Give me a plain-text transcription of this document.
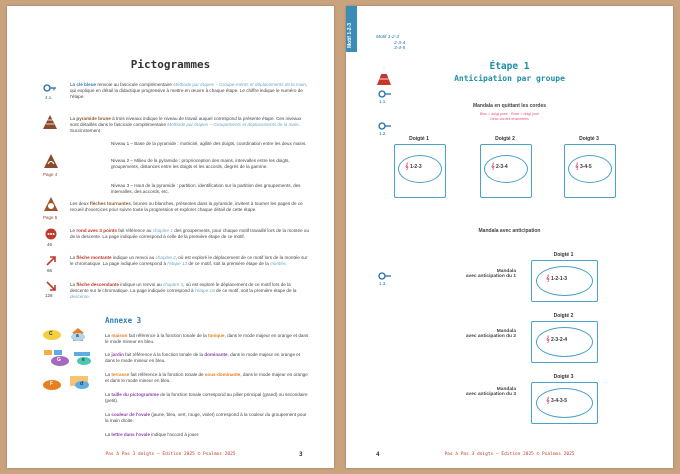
Pictogrammes
4.1.
La clé bleue renvoie au fascicule complémentaire Méthode par étapes – Groupe-ments et déplacements de la main, qui explique en détail la didactique progressive à mettre en œuvre à chaque étape. Le chiffre indique le numéro de l'étape.
La pyramide brune à trois niveaux indique le niveau de travail auquel correspond la présente étape. Ces niveaux sont détaillés dans le fascicule complémentaire Méthode par étapes – Groupements et déplacements de la main. Succinctement :
Niveau 1 – Base de la pyramide : motricité, agilité des doigts, coordination entre les deux mains.
Niveau 2 – Milieu de la pyramide : proprioception des mains, intervalles entre les doigts, groupements, distances entre les doigts et les accords, degrés de la gamme.
Niveau 3 – Haut de la pyramide : partition, identification sur la partition des groupements, des intervalles, des accords, etc.
Page 4
Page 5
Les deux flèches tournantes, brunes ou blanches, présentes dans la pyramide, invitent à tourner les pages de ce recueil d'exercices pour suivre toute la progression et explorer chaque détail de cette étape.
46
Le rond avec 3 points fait référence au chapitre 1 des groupements, pour chaque motif travaillé lors de la montée ou de la descente. La page indiquée correspond à celle de la première étape de ce motif.
66
La flèche montante indique un renvoi au chapitre 2, où est exploré le déplacement de ce motif lors de la montée sur le chromatique. La page indiquée correspond à l'étape 13 de ce motif, soit la première étape de la montée.
128
La flèche descendante indique un renvoi au chapitre 3, où est exploré le déplacement de ce motif lors de la descente sur le chromatique. La page indiquée correspond à l'étape 18 de ce motif, soit la première étape de la descente.
Annexe 3
C	a
G	e
F	d
La maison fait référence à la fonction tonale de la tonique, dans le mode majeur en orange et dans le mode mineur en bleu.
Le jardin fait référence à la fonction tonale de la dominante, dans le mode majeur en orange et dans le mode mineur en bleu.
La terrasse fait référence à la fonction tonale de sous-dominante, dans le mode majeur en orange et dans le mode mineur en bleu.
La taille du pictogramme de la fonction tonale correspond au pilier principal (grand) ou secondaire (petit).
La couleur de l'ovale (jaune, bleu, vert, rouge, violet) correspond à la couleur du groupement pour la main droite.
La lettre dans l'ovale indique l'accord à jouer.
Pas à Pas 3 doigts – Édition 2025 © Psalmos 2025	3
Motif 1-2-3	Motif 1-2-3
2-3-4
3-4-5
1.1.
1.2.
1.3.
Étape 1
Anticipation par groupe
Mandala en quittant les cordes
Bleu = doigt posé · Rose = doigt joué
Deux cordes ensembles
Doigté 1
𝄞 1-2-3
Doigté 2
𝄞 2-3-4
Doigté 3
𝄞 3-4-5
Mandala avec anticipation
Doigté 1
𝄞 1-2-1-3
Mandala
avec anticipation du 1
Doigté 2
𝄞 2-3-2-4
Mandala
avec anticipation du 2
Doigté 3
𝄞 3-4-3-5
Mandala
avec anticipation du 3
4	Pas à Pas 3 doigts – Édition 2025 © Psalmos 2025
